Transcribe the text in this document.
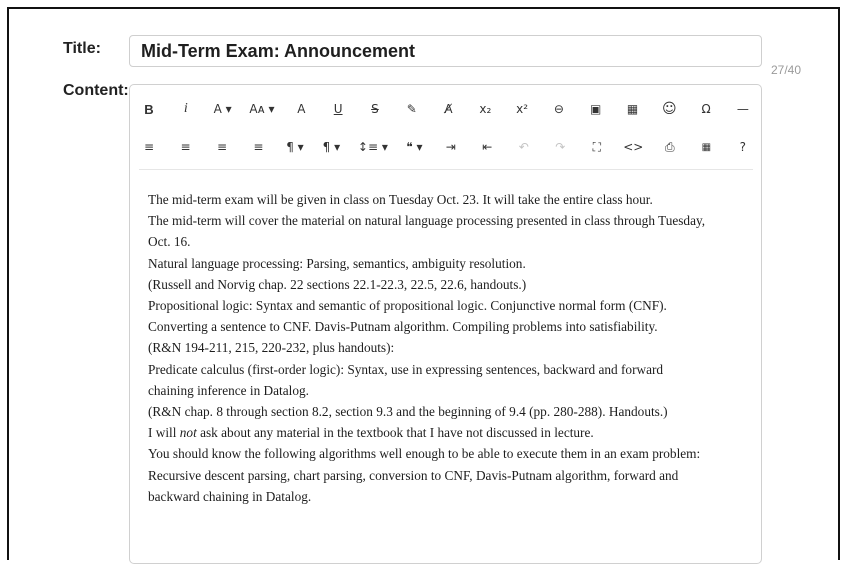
Title:	Mid-Term Exam: Announcement
27/40
Content:
B i A ▾ Aᴀ ▾ A U S ✎ A̸ x₂ x² ⊖ ▣ ▦ ☺ Ω —
≡ ≡ ≡ ≡ ¶ ▾ ¶ ▾ ↕≡ ▾ ❝ ▾ ⇥ ⇤ ↶ ↷ ⛶ <> ⎙	▦ ?

The mid-term exam will be given in class on Tuesday Oct. 23. It will take the entire class hour.

The mid-term will cover the material on natural language processing presented in class through Tuesday,

Oct. 16.

Natural language processing: Parsing, semantics, ambiguity resolution.

(Russell and Norvig chap. 22 sections 22.1-22.3, 22.5, 22.6, handouts.)

Propositional logic: Syntax and semantic of propositional logic. Conjunctive normal form (CNF).

Converting a sentence to CNF. Davis-Putnam algorithm. Compiling problems into satisfiability.

(R&N 194-211, 215, 220-232, plus handouts):

Predicate calculus (first-order logic): Syntax, use in expressing sentences, backward and forward

chaining inference in Datalog.

(R&N chap. 8 through section 8.2, section 9.3 and the beginning of 9.4 (pp. 280-288). Handouts.)

I will not ask about any material in the textbook that I have not discussed in lecture.

You should know the following algorithms well enough to be able to execute them in an exam problem:

Recursive descent parsing, chart parsing, conversion to CNF, Davis-Putnam algorithm, forward and

backward chaining in Datalog.
